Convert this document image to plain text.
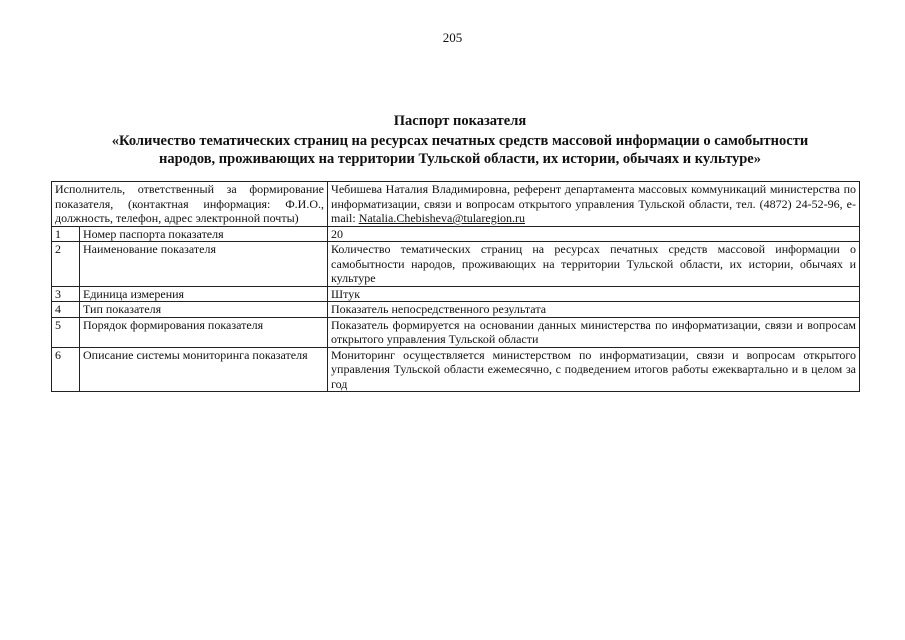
205
Паспорт показателя
«Количество тематических страниц на ресурсах печатных средств массовой информации о самобытности
народов, проживающих на территории Тульской области, их истории, обычаях и культуре»
Исполнитель, ответственный за формирование показателя, (контактная информация: Ф.И.О., должность, телефон, адрес электронной почты)		Чебишева Наталия Владимировна, референт департамента массовых коммуникаций министерства по информатизации, связи и вопросам открытого управления Тульской области, тел. (4872) 24-52-96, e-mail: Natalia.Chebisheva@tularegion.ru
1	Номер паспорта показателя	20
2	Наименование показателя	Количество тематических страниц на ресурсах печатных средств массовой информации о самобытности народов, проживающих на территории Тульской области, их истории, обычаях и культуре
3	Единица измерения	Штук
4	Тип показателя	Показатель непосредственного результата
5	Порядок формирования показателя	Показатель формируется на основании данных министерства по информатизации, связи и вопросам открытого управления Тульской области
6	Описание системы мониторинга показателя	Мониторинг осуществляется министерством по информатизации, связи и вопросам открытого управления Тульской области ежемесячно, с подведением итогов работы ежеквартально и в целом за год
